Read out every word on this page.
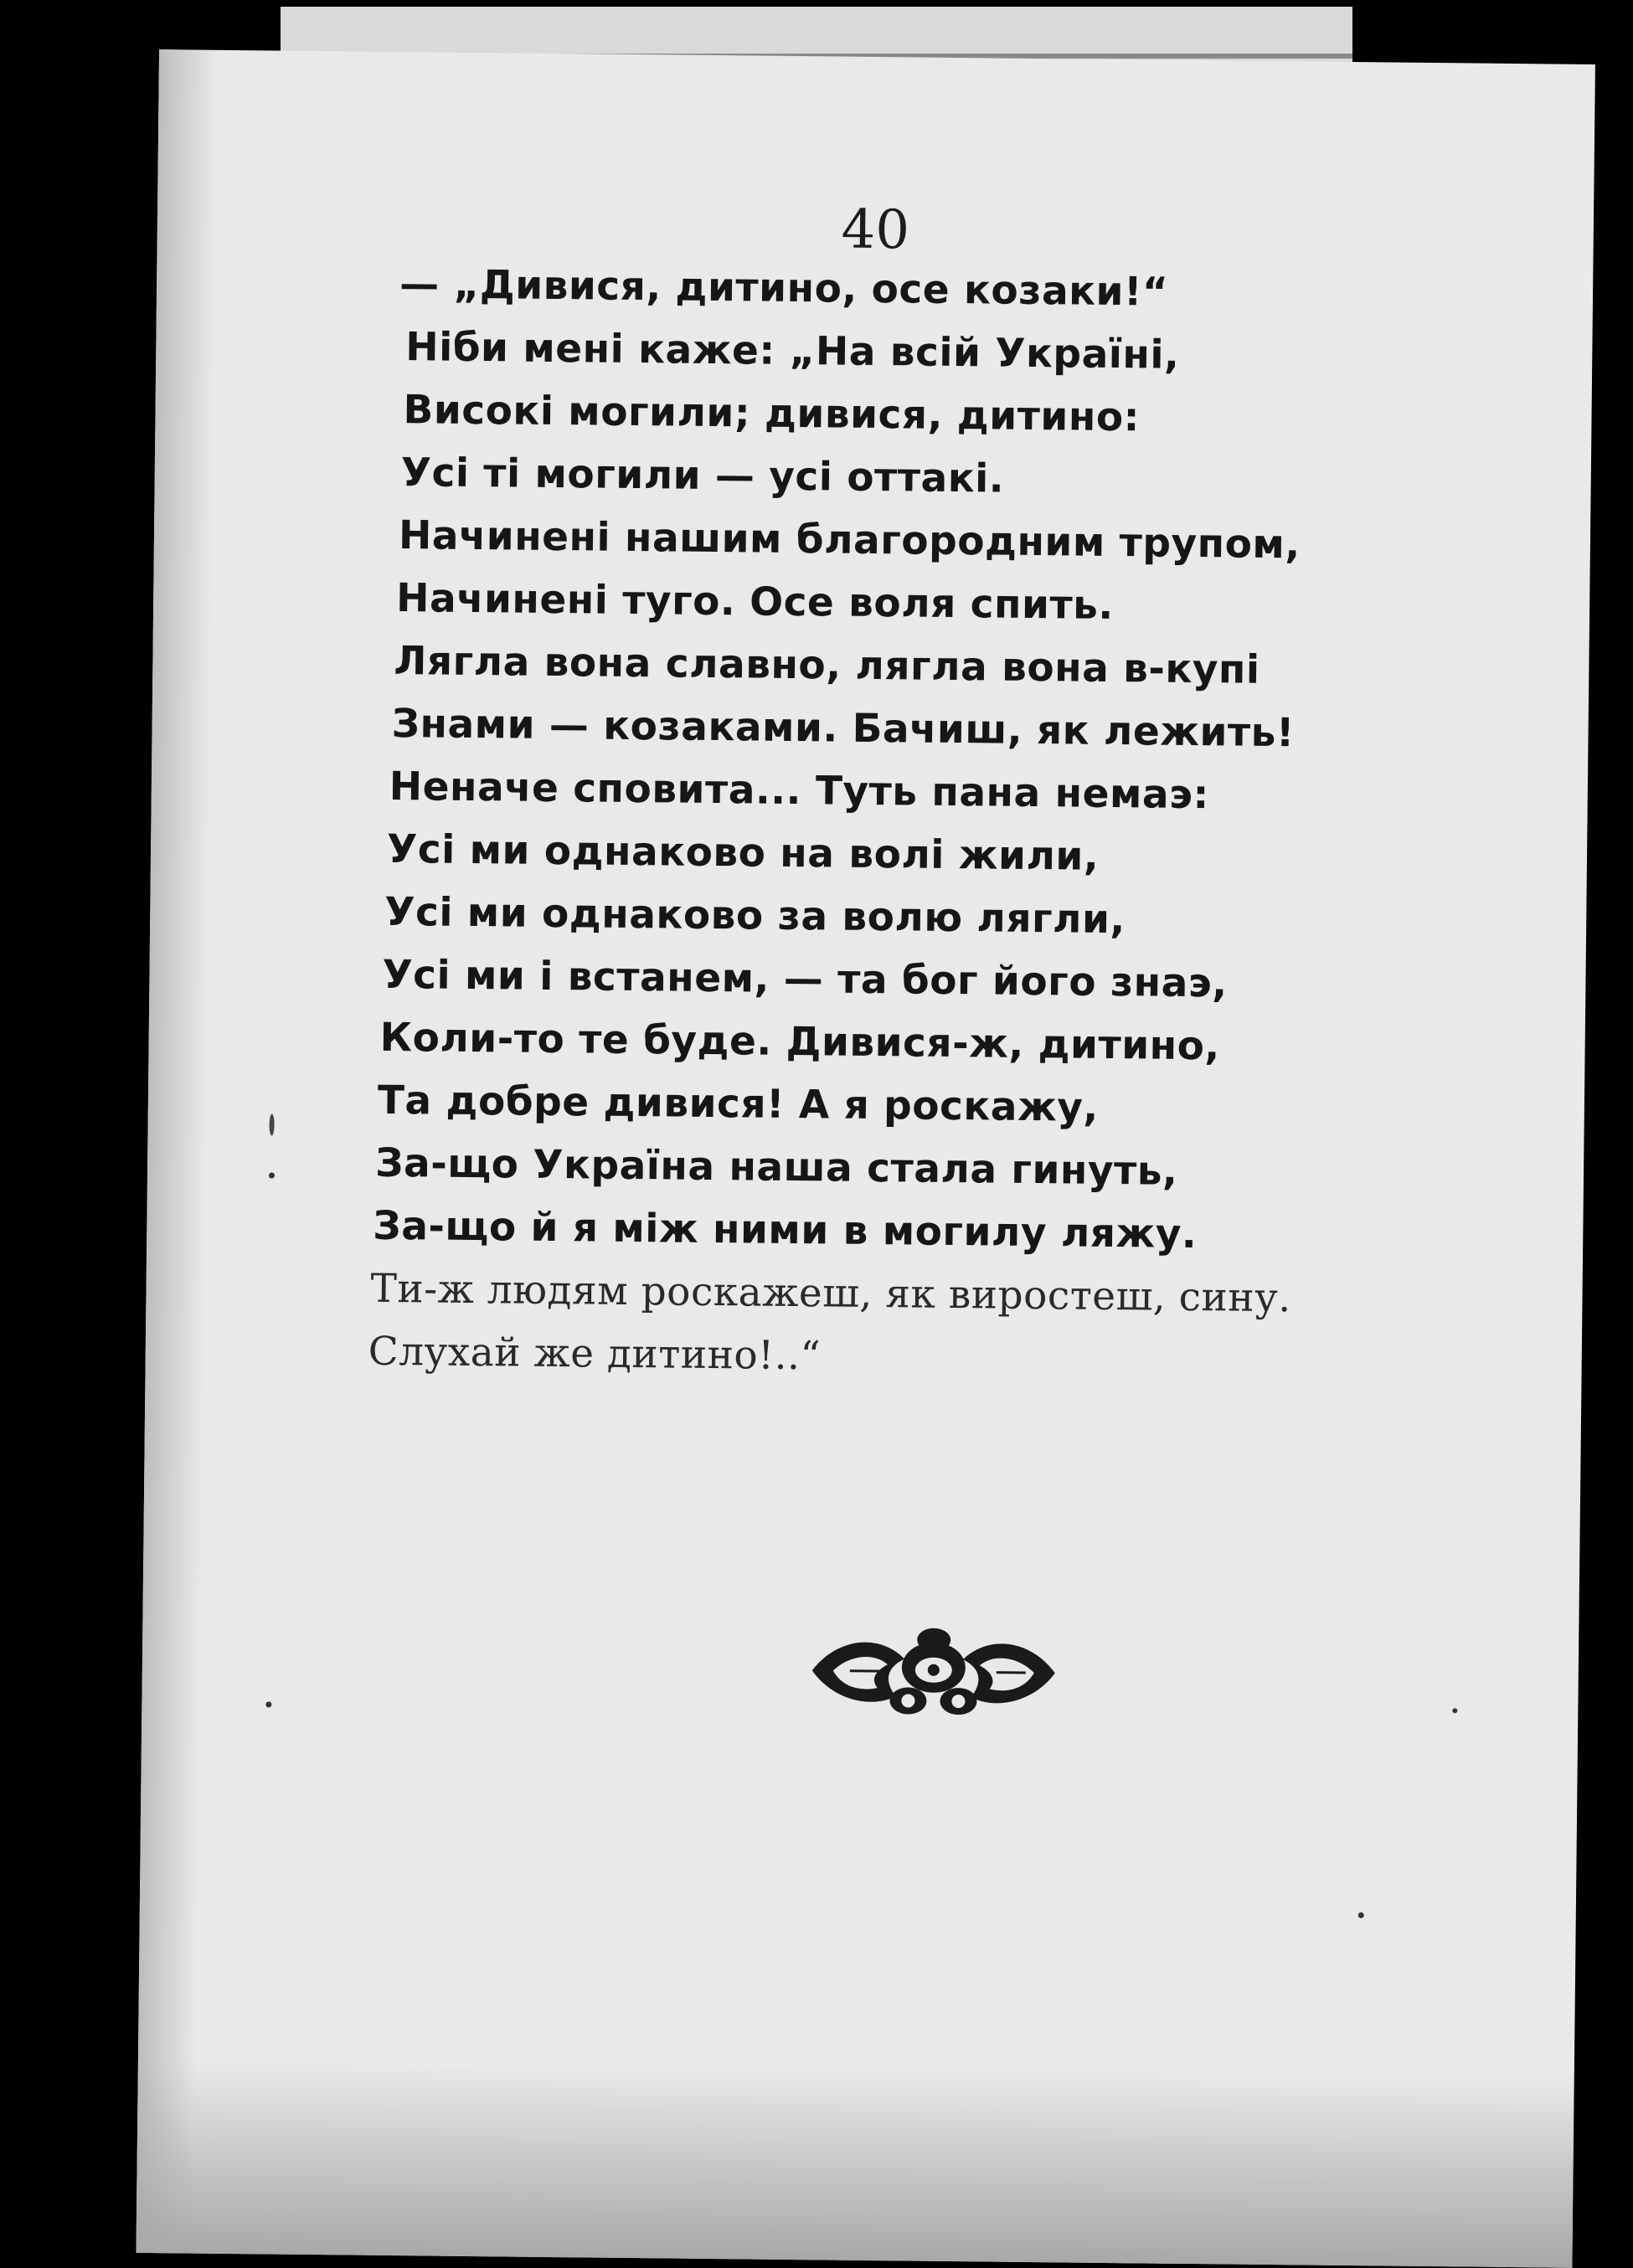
40
— „Дивися, дитино, осе козаки!“
Ніби мені каже: „На всій Україні,
Високі могили; дивися, дитино:
Усі ті могили — усі оттакі.
Начинені нашим благородним трупом,
Начинені туго. Осе воля спить.
Лягла вона славно, лягла вона в-купі
Знами — козаками. Бачиш, як лежить!
Неначе сповита... Туть пана немаэ:
Усі ми однаково на волі жили,
Усі ми однаково за волю лягли,
Усі ми і встанем, — та бог його знаэ,
Коли-то те буде. Дивися-ж, дитино,
Та добре дивися! А я роскажу,
За-що Україна наша стала гинуть,
За-що й я між ними в могилу ляжу.
Ти-ж людям роскажеш, як виростеш, сину.
Слухай же дитино!..“
